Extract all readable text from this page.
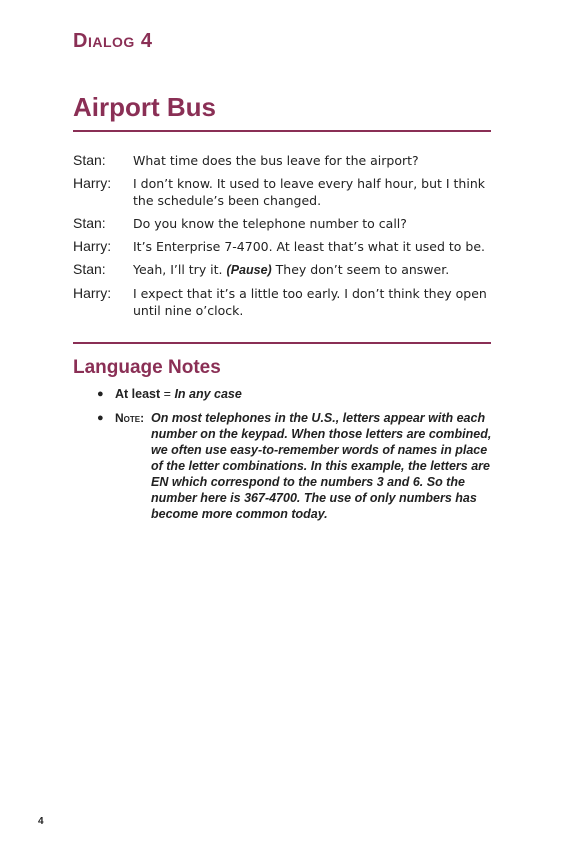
Dialog 4
Airport Bus
Stan:	What time does the bus leave for the airport?
Harry:	I don’t know. It used to leave every half hour, but I think the schedule’s been changed.
Stan:	Do you know the telephone number to call?
Harry:	It’s Enterprise 7-4700. At least that’s what it used to be.
Stan:	Yeah, I’ll try it. (Pause) They don’t seem to answer.
Harry:	I expect that it’s a little too early. I don’t think they open until nine o’clock.
Language Notes
● At least = In any case
● Note: On most telephones in the U.S., letters appear with each number on the keypad. When those letters are combined, we often use easy-to-remember words of names in place of the letter combinations. In this example, the letters are EN which correspond to the numbers 3 and 6. So the number here is 367-4700. The use of only numbers has become more common today.

4
